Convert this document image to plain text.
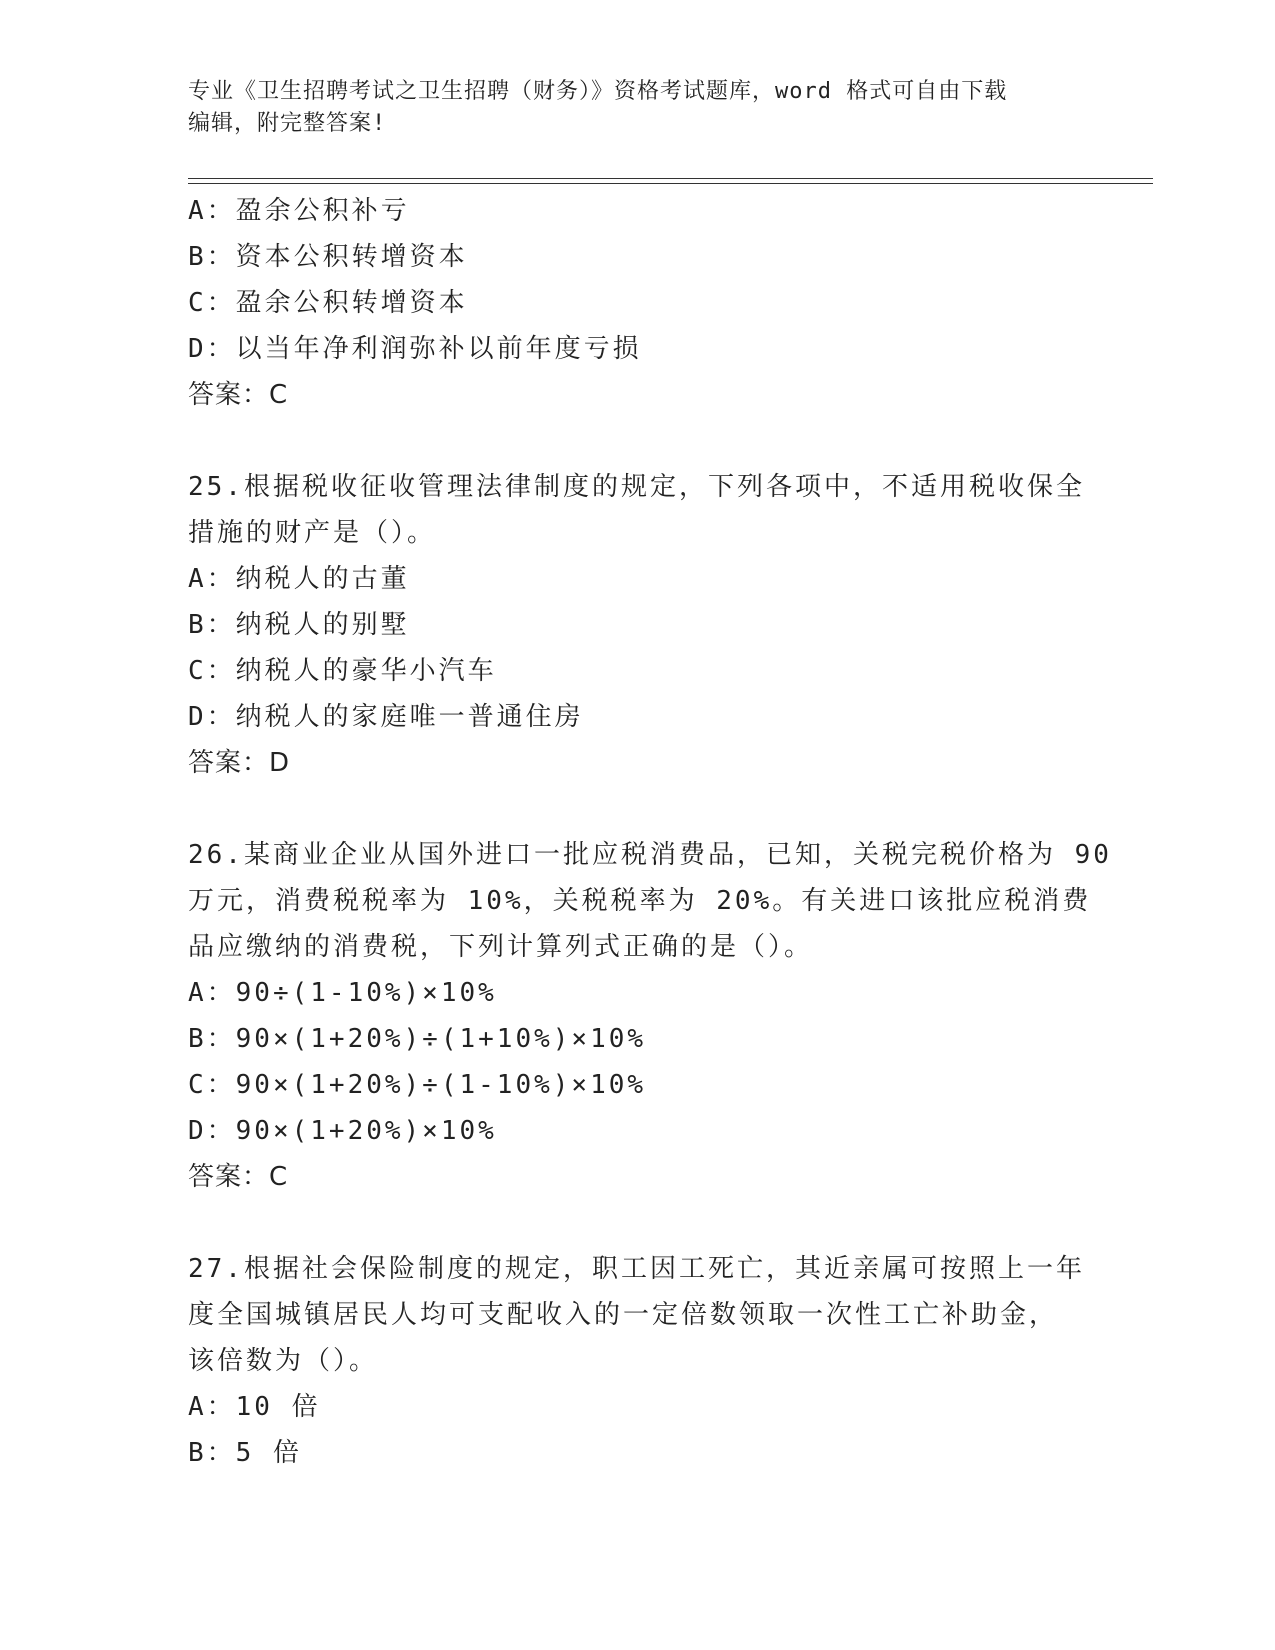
专业《卫生招聘考试之卫生招聘（财务）》资格考试题库，word 格式可自由下载
编辑，附完整答案!
A：盈余公积补亏
B：资本公积转增资本
C：盈余公积转增资本
D：以当年净利润弥补以前年度亏损
答案：C
25.根据税收征收管理法律制度的规定，下列各项中，不适用税收保全
措施的财产是（）。
A：纳税人的古董
B：纳税人的别墅
C：纳税人的豪华小汽车
D：纳税人的家庭唯一普通住房
答案：D
26.某商业企业从国外进口一批应税消费品，已知，关税完税价格为 90
万元，消费税税率为 10%，关税税率为 20%。有关进口该批应税消费
品应缴纳的消费税，下列计算列式正确的是（）。
A：90÷(1-10%)×10%
B：90×(1+20%)÷(1+10%)×10%
C：90×(1+20%)÷(1-10%)×10%
D：90×(1+20%)×10%
答案：C
27.根据社会保险制度的规定，职工因工死亡，其近亲属可按照上一年
度全国城镇居民人均可支配收入的一定倍数领取一次性工亡补助金，
该倍数为（）。
A：10 倍
B：5 倍
